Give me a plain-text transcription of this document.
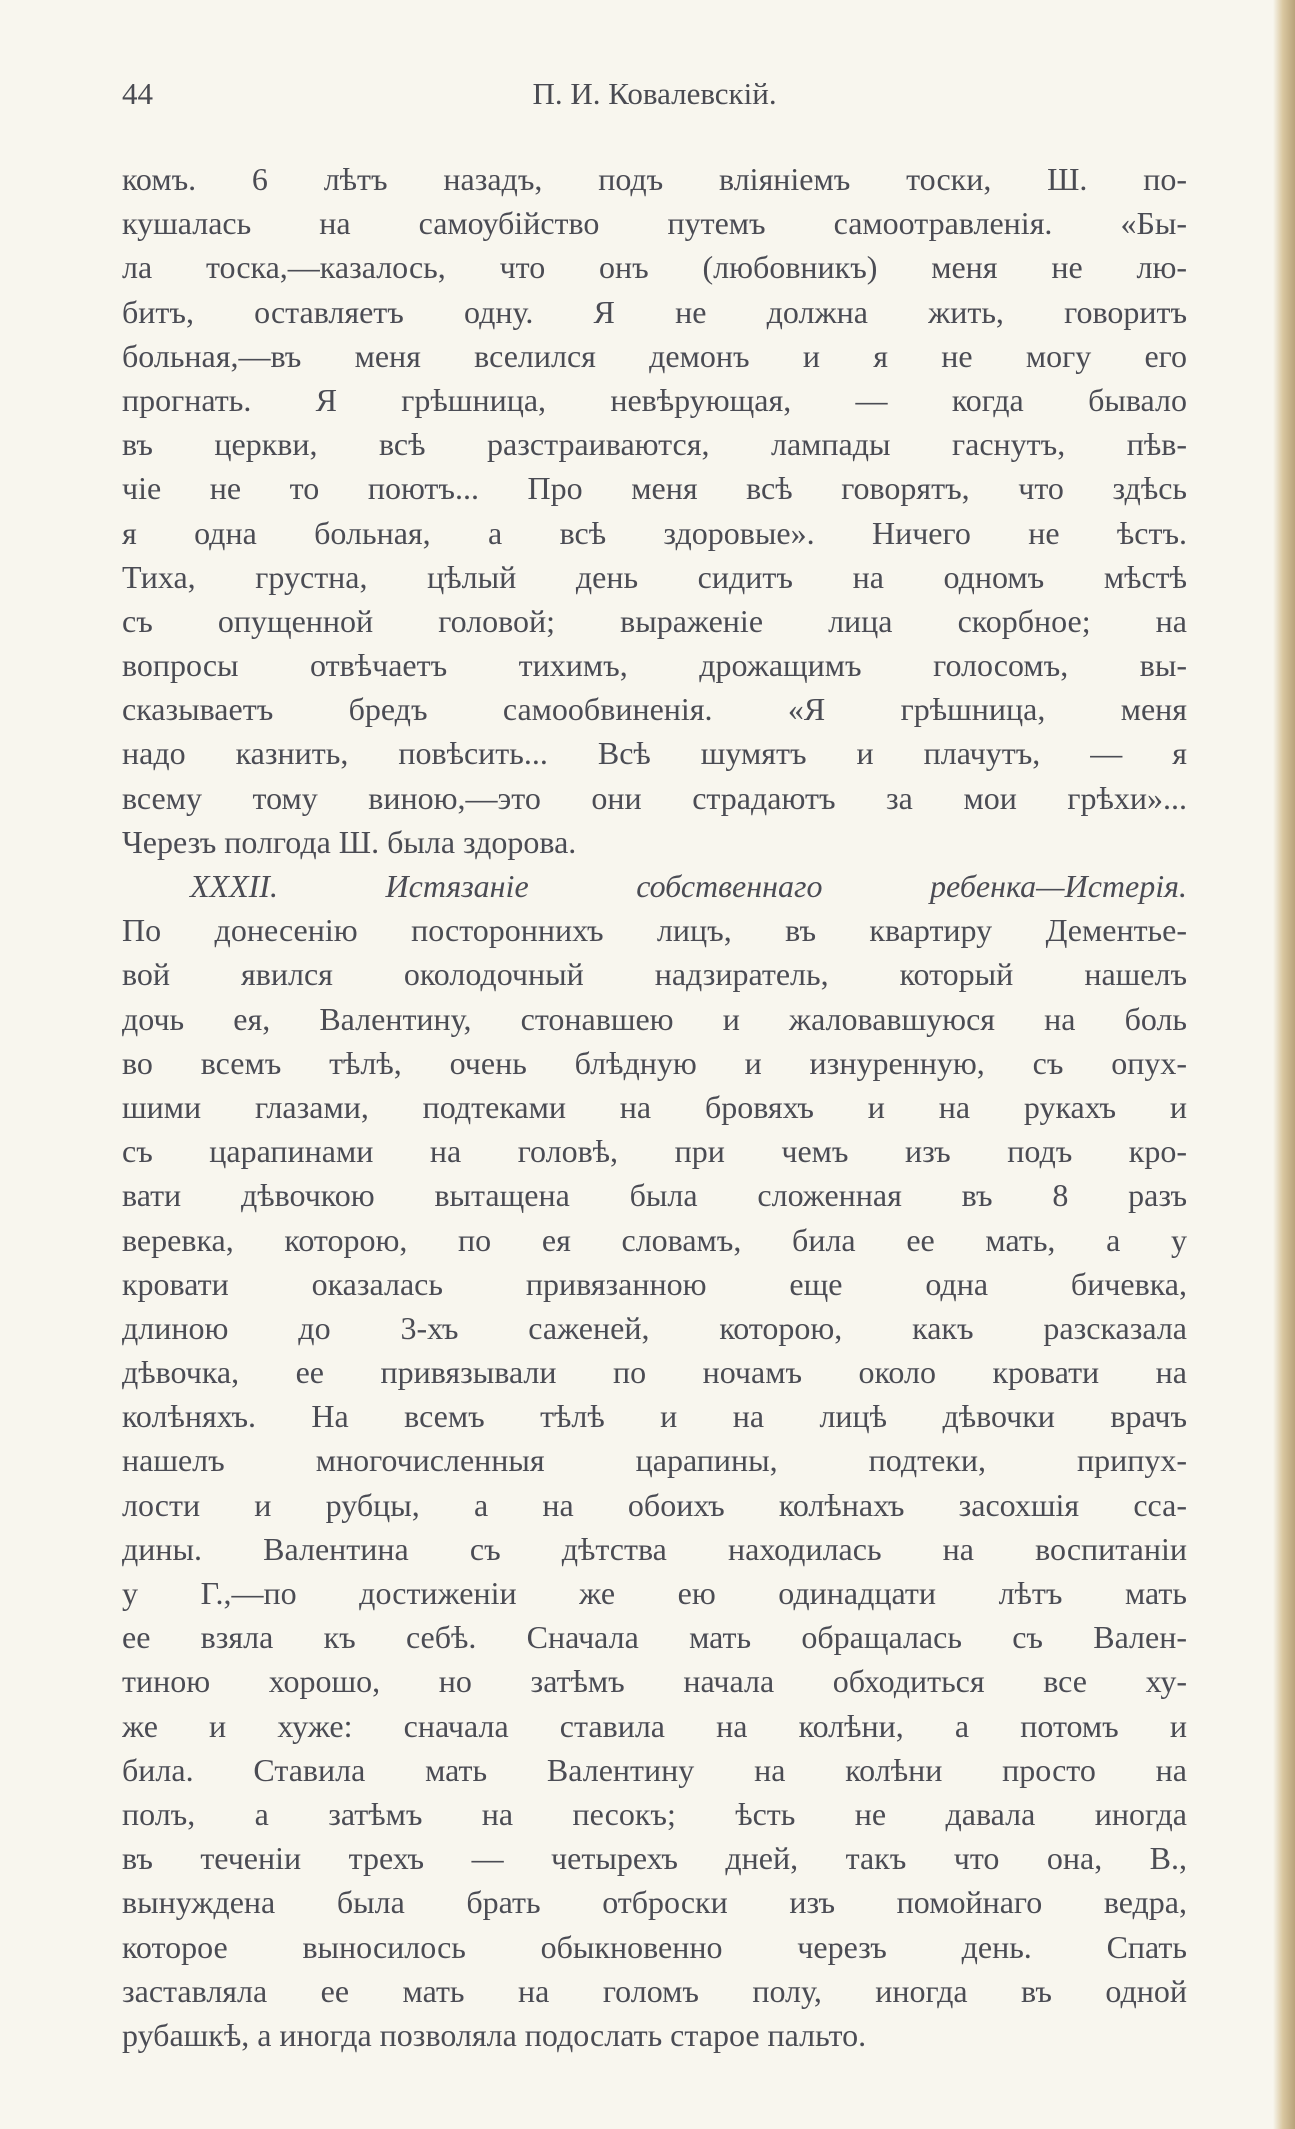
44	П. И. Ковалевскій.
комъ. 6 лѣтъ назадъ, подъ вліяніемъ тоски, Ш. по-
кушалась на самоубійство путемъ самоотравленія. «Бы-
ла тоска,—казалось, что онъ (любовникъ) меня не лю-
битъ, оставляетъ одну. Я не должна жить, говоритъ
больная,—въ меня вселился демонъ и я не могу его
прогнать. Я грѣшница, невѣрующая, — когда бывало
въ церкви, всѣ разстраиваются, лампады гаснутъ, пѣв-
чіе не то поютъ... Про меня всѣ говорятъ, что здѣсь
я одна больная, а всѣ здоровые». Ничего не ѣстъ.
Тиха, грустна, цѣлый день сидитъ на одномъ мѣстѣ
съ опущенной головой; выраженіе лица скорбное; на
вопросы отвѣчаетъ тихимъ, дрожащимъ голосомъ, вы-
сказываетъ бредъ самообвиненія. «Я грѣшница, меня
надо казнить, повѣсить... Всѣ шумятъ и плачутъ, — я
всему тому виною,—это они страдаютъ за мои грѣхи»...
Черезъ полгода Ш. была здорова.
XXXII.	Истязаніе собственнаго ребенка—Истерія.
По донесенію постороннихъ лицъ, въ квартиру Дементье-
вой явился околодочный надзиратель, который нашелъ
дочь ея, Валентину, стонавшею и жаловавшуюся на боль
во всемъ тѣлѣ, очень блѣдную и изнуренную, съ опух-
шими глазами, подтеками на бровяхъ и на рукахъ и
съ царапинами на головѣ, при чемъ изъ подъ кро-
вати дѣвочкою вытащена была сложенная въ 8 разъ
веревка, которою, по ея словамъ, била ее мать, а у
кровати оказалась привязанною еще одна бичевка,
длиною до 3-хъ саженей, которою, какъ разсказала
дѣвочка, ее привязывали по ночамъ около кровати на
колѣняхъ. На всемъ тѣлѣ и на лицѣ дѣвочки врачъ
нашелъ многочисленныя царапины, подтеки, припух-
лости и рубцы, а на обоихъ колѣнахъ засохшія сса-
дины. Валентина съ дѣтства находилась на воспитаніи
у Г.,—по достиженіи же ею одинадцати лѣтъ мать
ее взяла къ себѣ. Сначала мать обращалась съ Вален-
тиною хорошо, но затѣмъ начала обходиться все ху-
же и хуже: сначала ставила на колѣни, а потомъ и
била. Ставила мать Валентину на колѣни просто на
полъ, а затѣмъ на песокъ; ѣсть не давала иногда
въ теченіи трехъ — четырехъ дней, такъ что она, В.,
вынуждена была брать отброски изъ помойнаго ведра,
которое выносилось обыкновенно черезъ день. Спать
заставляла ее мать на голомъ полу, иногда въ одной
рубашкѣ, а иногда позволяла подослать старое пальто.
